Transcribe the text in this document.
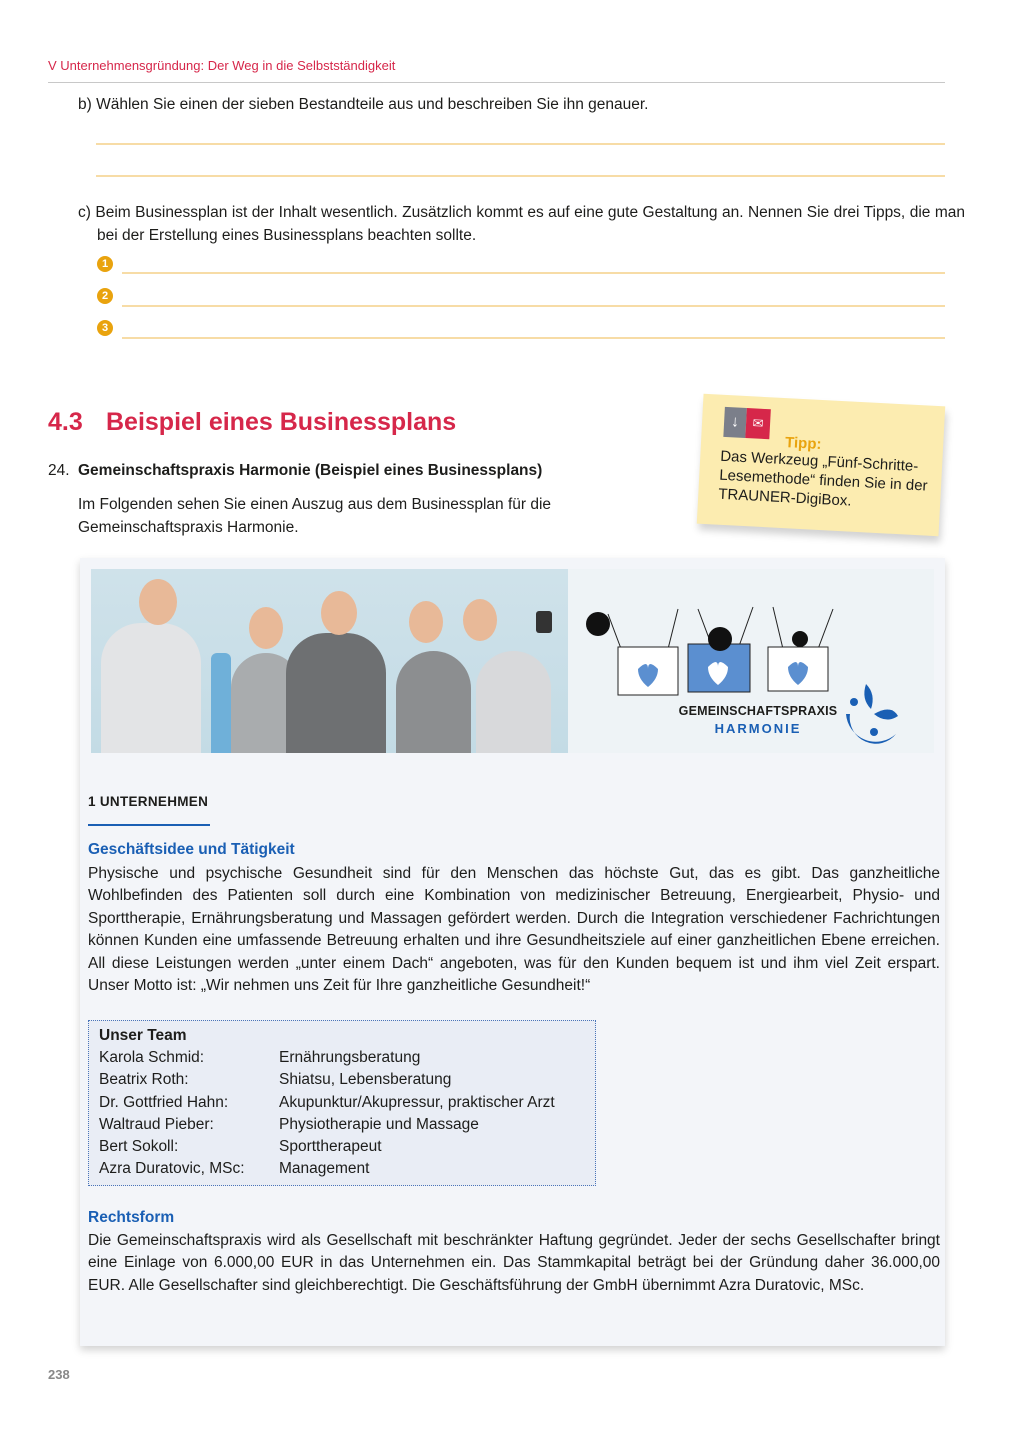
V Unternehmensgründung: Der Weg in die Selbstständigkeit
b) Wählen Sie einen der sieben Bestandteile aus und beschreiben Sie ihn genauer.
c) Beim Businessplan ist der Inhalt wesentlich. Zusätzlich kommt es auf eine gute Gestaltung an. Nennen Sie drei Tipps, die man bei der Erstellung eines Businessplans beachten sollte.
1
2
3
4.3 Beispiel eines Businessplans
24. Gemeinschaftspraxis Harmonie (Beispiel eines Businessplans)
Im Folgenden sehen Sie einen Auszug aus dem Businessplan für die Gemeinschaftspraxis Harmonie.
↓ ✉
Tipp:
Das Werkzeug „Fünf-Schritte-Lesemethode“ finden Sie in der TRAUNER-DigiBox.
GEMEINSCHAFTSPRAXIS
HARMONIE
1 UNTERNEHMEN
Geschäftsidee und Tätigkeit
Physische und psychische Gesundheit sind für den Menschen das höchste Gut, das es gibt. Das ganzheitliche Wohlbefinden des Patienten soll durch eine Kombination von medizinischer Betreuung, Energiearbeit, Physio- und Sporttherapie, Ernährungsberatung und Massagen gefördert werden. Durch die Integration verschiedener Fachrichtungen können Kunden eine umfassende Betreuung erhalten und ihre Gesundheitsziele auf einer ganzheitlichen Ebene erreichen. All diese Leistungen werden „unter einem Dach“ angeboten, was für den Kunden bequem ist und ihm viel Zeit erspart. Unser Motto ist: „Wir nehmen uns Zeit für Ihre ganzheitliche Gesundheit!“
Unser Team
Karola Schmid:	Ernährungsberatung
Beatrix Roth:	Shiatsu, Lebensberatung
Dr. Gottfried Hahn:	Akupunktur/Akupressur, praktischer Arzt
Waltraud Pieber:	Physiotherapie und Massage
Bert Sokoll:	Sporttherapeut
Azra Duratovic, MSc: Management
Rechtsform
Die Gemeinschaftspraxis wird als Gesellschaft mit beschränkter Haftung gegründet. Jeder der sechs Gesellschafter bringt eine Einlage von 6.000,00 EUR in das Unternehmen ein. Das Stammkapital beträgt bei der Gründung daher 36.000,00 EUR. Alle Gesellschafter sind gleichberechtigt. Die Geschäftsführung der GmbH übernimmt Azra Duratovic, MSc.
238
